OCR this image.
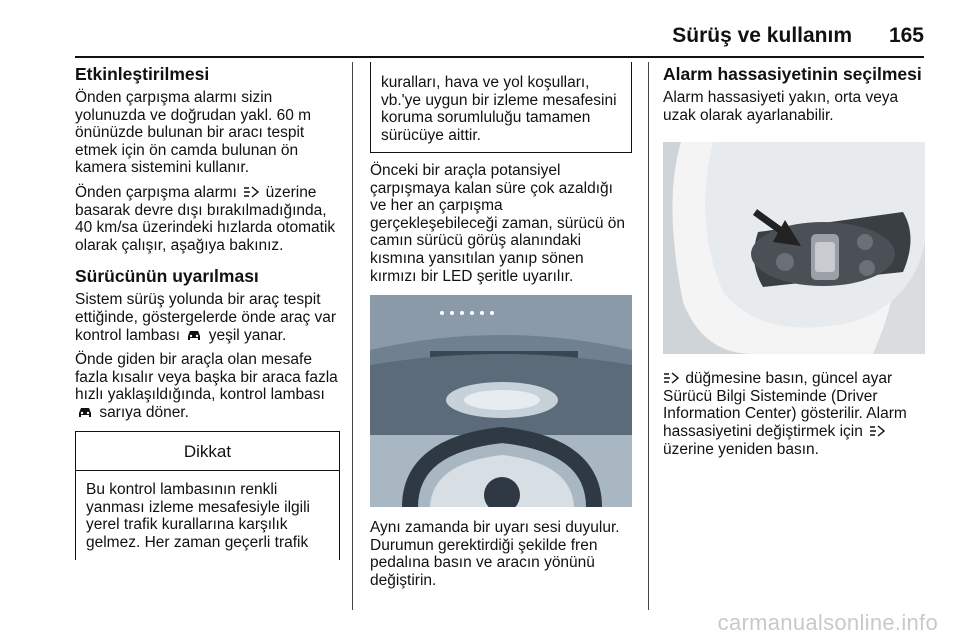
Sürüş ve kullanım 165
Etkinleştirilmesi

Önden çarpışma alarmı sizin yolunuzda ve doğrudan yakl. 60 m önünüzde bulunan bir aracı tespit etmek için ön camda bulunan ön kamera sistemini kullanır.

Önden çarpışma alarmı üzerine basarak devre dışı bırakılmadığında, 40 km/sa üzerindeki hızlarda otomatik olarak çalışır, aşağıya bakınız.

Sürücünün uyarılması

Sistem sürüş yolunda bir araç tespit ettiğinde, göstergelerde önde araç var kontrol lambası yeşil yanar.

Önde giden bir araçla olan mesafe fazla kısalır veya başka bir araca fazla hızlı yaklaşıldığında, kontrol lambası  sarıya döner.

Dikkat
Bu kontrol lambasının renkli yanması izleme mesafesiyle ilgili yerel trafik kurallarına karşılık gelmez. Her zaman geçerli trafik
kuralları, hava ve yol koşulları, vb.'ye uygun bir izleme mesafesini koruma sorumluluğu tamamen sürücüye aittir.

Önceki bir araçla potansiyel çarpışmaya kalan süre çok azaldığı ve her an çarpışma gerçekleşebileceği zaman, sürücü ön camın sürücü görüş alanındaki kısmına yansıtılan yanıp sönen kırmızı bir LED şeritle uyarılır.

Aynı zamanda bir uyarı sesi duyulur. Durumun gerektirdiği şekilde fren pedalına basın ve aracın yönünü değiştirin.

Alarm hassasiyetinin seçilmesi

Alarm hassasiyeti yakın, orta veya uzak olarak ayarlanabilir.

düğmesine basın, güncel ayar Sürücü Bilgi Sisteminde (Driver Information Center) gösterilir. Alarm hassasiyetini değiştirmek için  üzerine yeniden basın.

carmanualsonline.info
